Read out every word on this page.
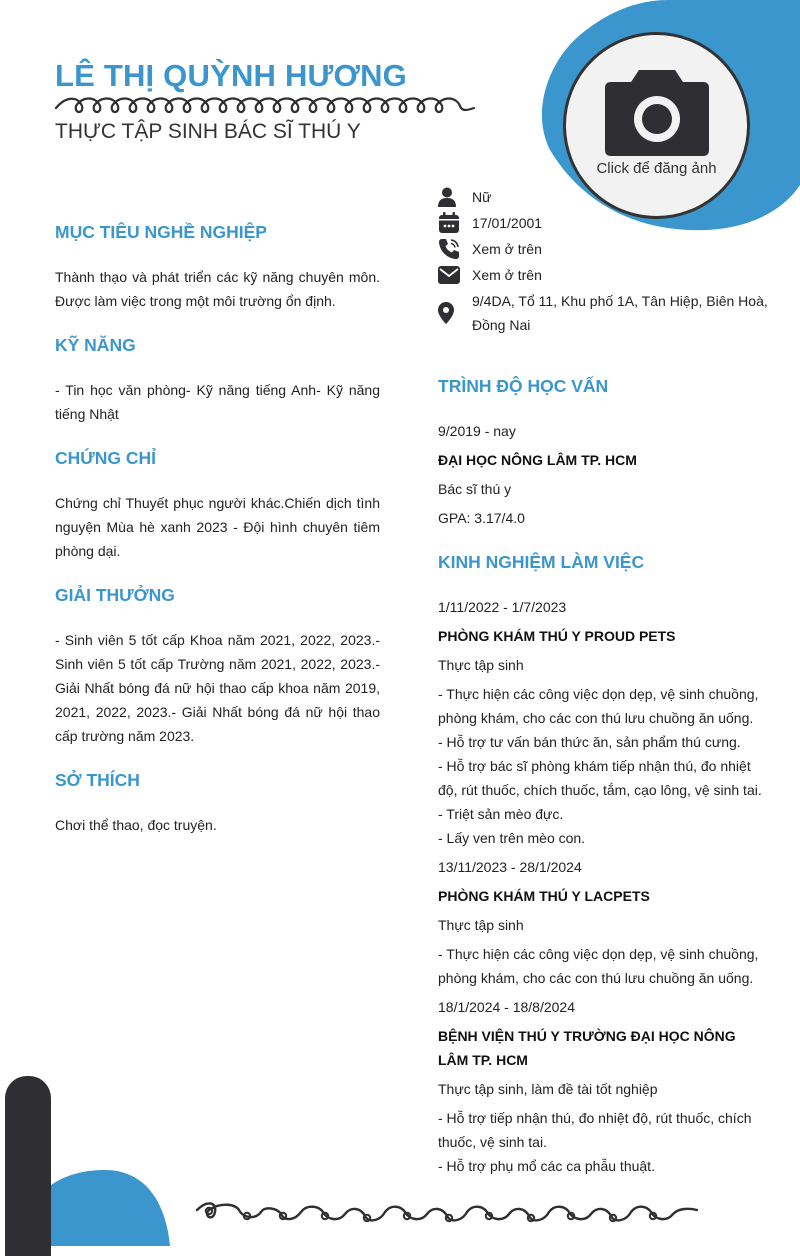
Click để đăng ảnh
LÊ THỊ QUỲNH HƯƠNG
THỰC TẬP SINH BÁC SĨ THÚ Y
Nữ
17/01/2001
Xem ở trên
Xem ở trên
9/4DA, Tổ 11, Khu phố 1A, Tân Hiệp, Biên Hoà, Đồng Nai
MỤC TIÊU NGHỀ NGHIỆP
Thành thạo và phát triển các kỹ năng chuyên môn. Được làm việc trong một môi trường ổn định.
KỸ NĂNG
- Tin học văn phòng- Kỹ năng tiếng Anh- Kỹ năng tiếng Nhật
CHỨNG CHỈ
Chứng chỉ Thuyết phục người khác.Chiến dịch tình nguyện Mùa hè xanh 2023 - Đội hình chuyên tiêm phòng dại.
GIẢI THƯỞNG
- Sinh viên 5 tốt cấp Khoa năm 2021, 2022, 2023.- Sinh viên 5 tốt cấp Trường năm 2021, 2022, 2023.- Giải Nhất bóng đá nữ hội thao cấp khoa năm 2019, 2021, 2022, 2023.- Giải Nhất bóng đá nữ hội thao cấp trường năm 2023.
SỞ THÍCH
Chơi thể thao, đọc truyện.
TRÌNH ĐỘ HỌC VẤN
9/2019 - nay
ĐẠI HỌC NÔNG LÂM TP. HCM
Bác sĩ thú y
GPA: 3.17/4.0
KINH NGHIỆM LÀM VIỆC
1/11/2022 - 1/7/2023
PHÒNG KHÁM THÚ Y PROUD PETS
Thực tập sinh
- Thực hiện các công việc dọn dẹp, vệ sinh chuồng, phòng khám, cho các con thú lưu chuồng ăn uống.
- Hỗ trợ tư vấn bán thức ăn, sản phẩm thú cưng.
- Hỗ trợ bác sĩ phòng khám tiếp nhận thú, đo nhiệt độ, rút thuốc, chích thuốc, tắm, cạo lông, vệ sinh tai.
- Triệt sản mèo đực.
- Lấy ven trên mèo con.
13/11/2023 - 28/1/2024
PHÒNG KHÁM THÚ Y LACPETS
Thực tập sinh
- Thực hiện các công việc dọn dẹp, vệ sinh chuồng, phòng khám, cho các con thú lưu chuồng ăn uống.
18/1/2024 - 18/8/2024
BỆNH VIỆN THÚ Y TRƯỜNG ĐẠI HỌC NÔNG LÂM TP. HCM
Thực tập sinh, làm đề tài tốt nghiệp
- Hỗ trợ tiếp nhận thú, đo nhiệt độ, rút thuốc, chích thuốc, vệ sinh tai.
- Hỗ trợ phụ mổ các ca phẫu thuật.
